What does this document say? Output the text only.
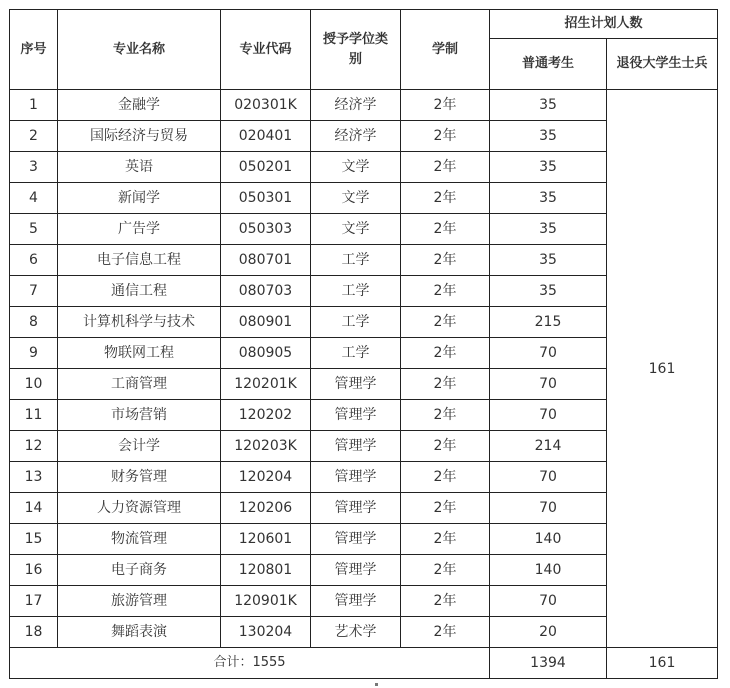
序号	专业名称	专业代码	授予学位类别	学制	招生计划人数	
					普通考生	退役大学生士兵
1	金融学	020301K	经济学	2年	35	161
2	国际经济与贸易	020401	经济学	2年	35	
3	英语	050201	文学	2年	35	
4	新闻学	050301	文学	2年	35	
5	广告学	050303	文学	2年	35	
6	电子信息工程	080701	工学	2年	35	
7	通信工程	080703	工学	2年	35	
8	计算机科学与技术	080901	工学	2年	215	
9	物联网工程	080905	工学	2年	70	
10	工商管理	120201K	管理学	2年	70	
11	市场营销	120202	管理学	2年	70	
12	会计学	120203K	管理学	2年	214	
13	财务管理	120204	管理学	2年	70	
14	人力资源管理	120206	管理学	2年	70	
15	物流管理	120601	管理学	2年	140	
16	电子商务	120801	管理学	2年	140	
17	旅游管理	120901K	管理学	2年	70	
18	舞蹈表演	130204	艺术学	2年	20	
合计：1555					1394	161
